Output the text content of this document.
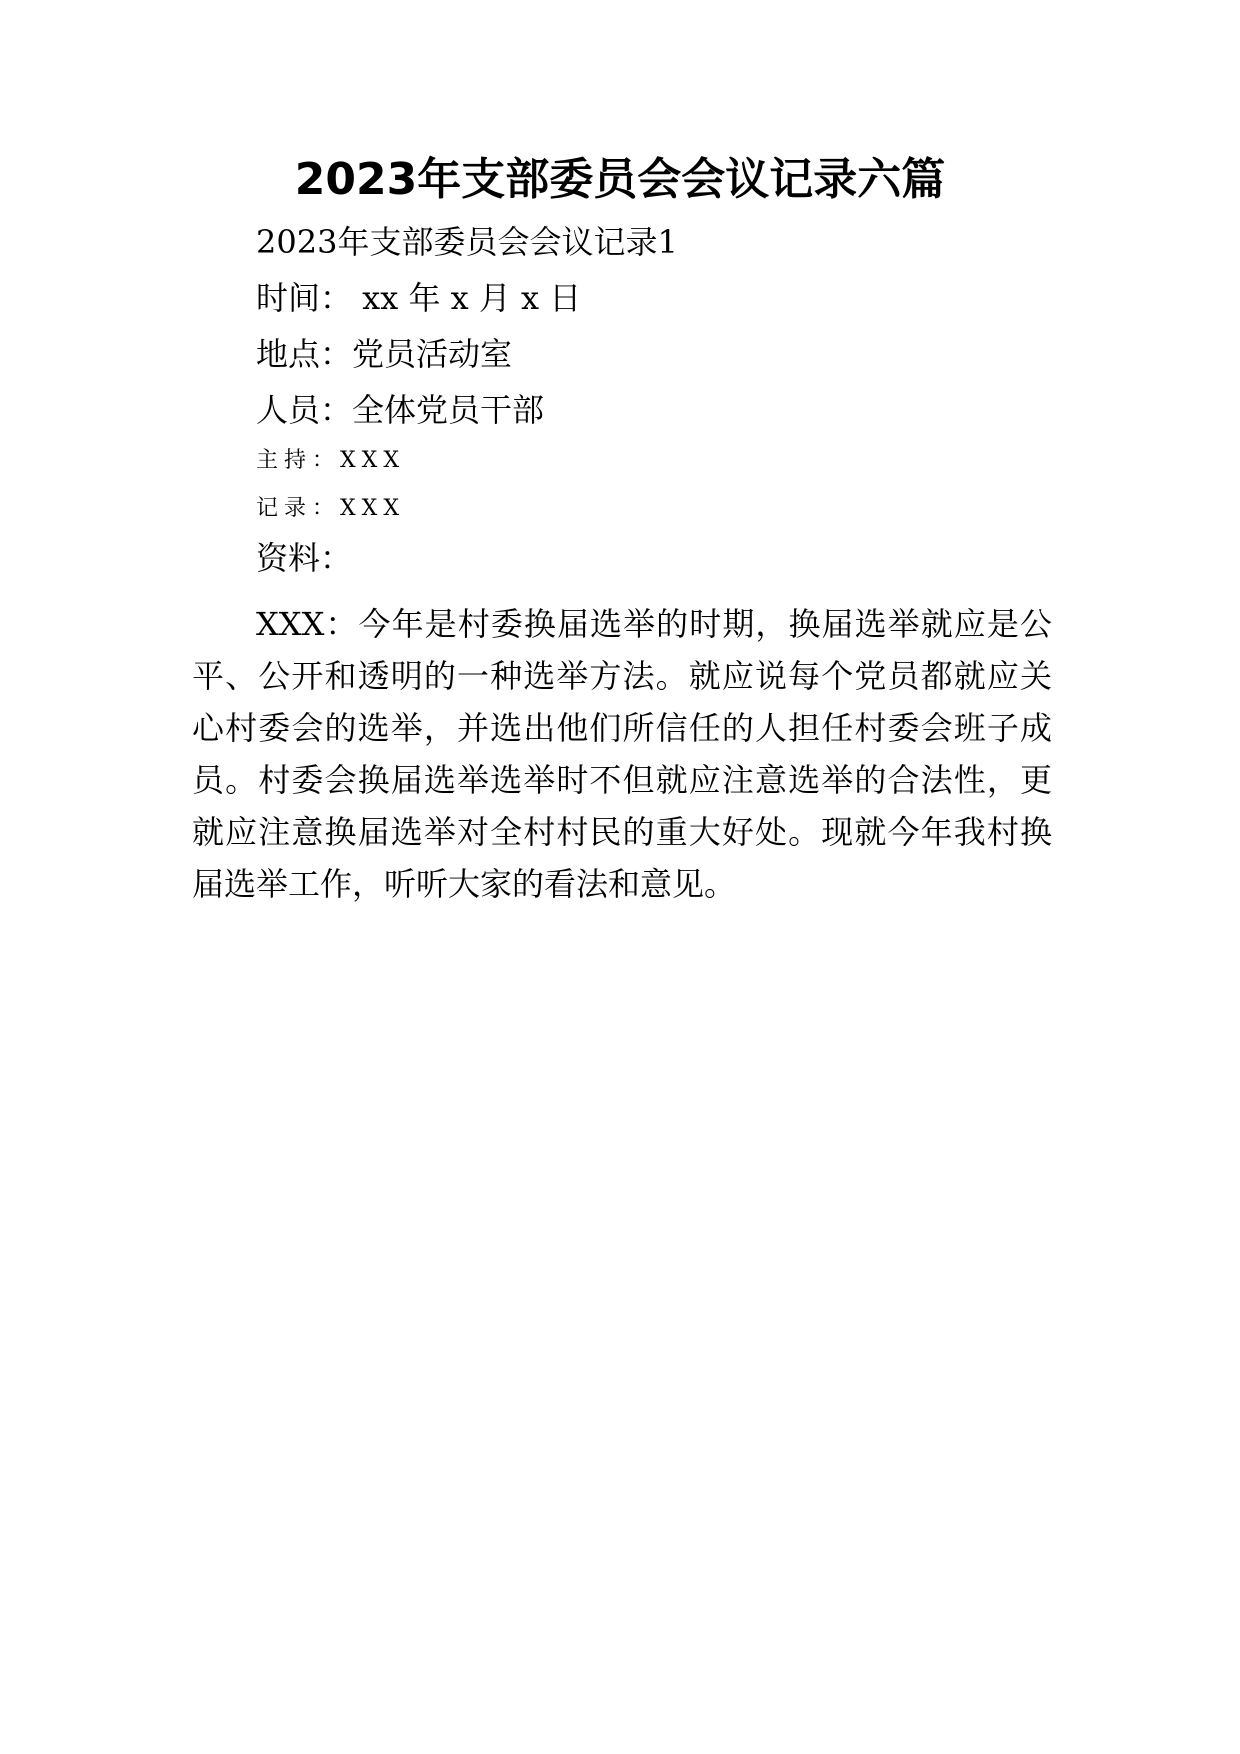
2023年支部委员会会议记录六篇
2023年支部委员会会议记录1
时间： xx 年 x 月 x 日
地点：党员活动室
人员：全体党员干部
主持：XXX
记录：XXX
资料：
XXX：今年是村委换届选举的时期，换届选举就应是公平、公开和透明的一种选举方法。就应说每个党员都就应关心村委会的选举，并选出他们所信任的人担任村委会班子成员。村委会换届选举选举时不但就应注意选举的合法性，更就应注意换届选举对全村村民的重大好处。现就今年我村换届选举工作，听听大家的看法和意见。
